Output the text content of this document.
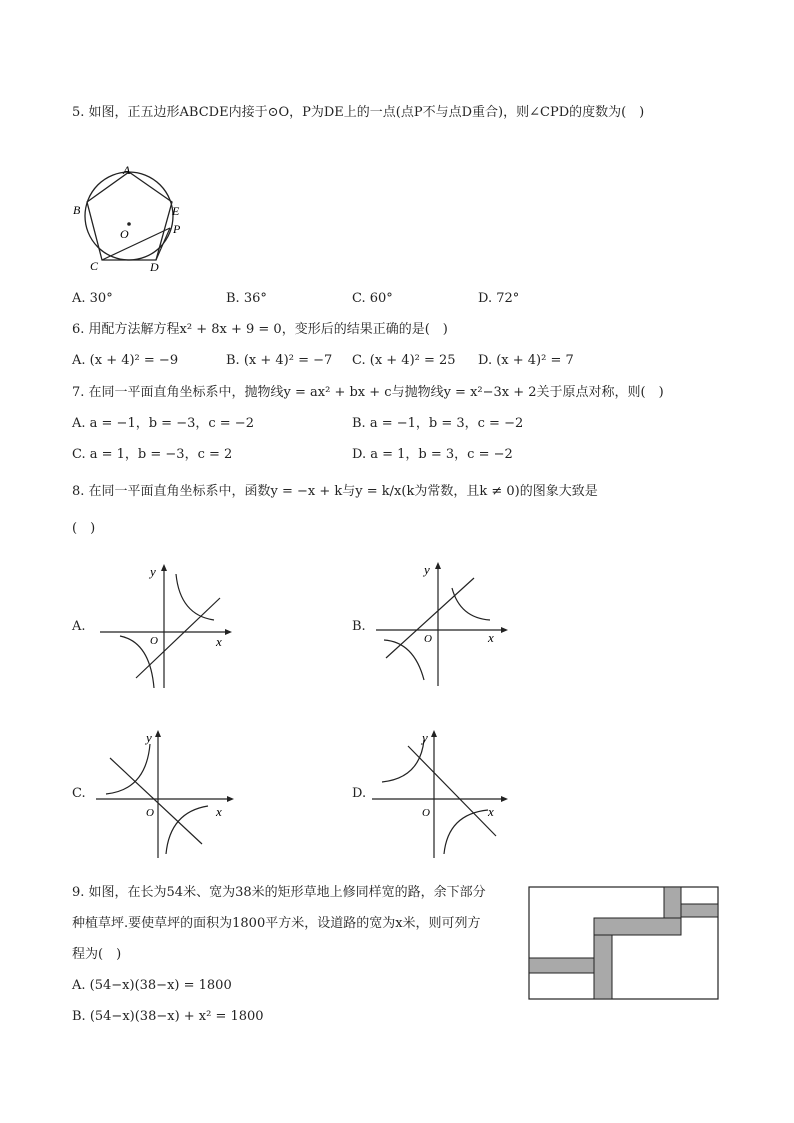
5. 如图，正五边形ABCDE内接于⊙O，P为DE上的一点(点P不与点D重合)，则∠CPD的度数为(　)
A
B
C	D
E
O	P
A. 30°	B. 36°	C. 60°	D. 72°
6. 用配方法解方程x² + 8x + 9 = 0，变形后的结果正确的是(　)
A. (x + 4)² = −9	B. (x + 4)² = −7 C. (x + 4)² = 25 D. (x + 4)² = 7
7. 在同一平面直角坐标系中，抛物线y = ax² + bx + c与抛物线y = x²−3x + 2关于原点对称，则(　)
A. a = −1，b = −3，c = −2	B. a = −1，b = 3，c = −2
C. a = 1，b = −3，c = 2	D. a = 1，b = 3，c = −2
8. 在同一平面直角坐标系中，函数y = −x + k与y = k/x(k为常数，且k ≠ 0)的图象大致是
(　)
A.
y
x
O
B.
y
x
O
C.
y
x
O
D.
y
x
O
9. 如图，在长为54米、宽为38米的矩形草地上修同样宽的路，余下部分
种植草坪.要使草坪的面积为1800平方米，设道路的宽为x米，则可列方
程为(　)
A. (54−x)(38−x) = 1800
B. (54−x)(38−x) + x² = 1800
